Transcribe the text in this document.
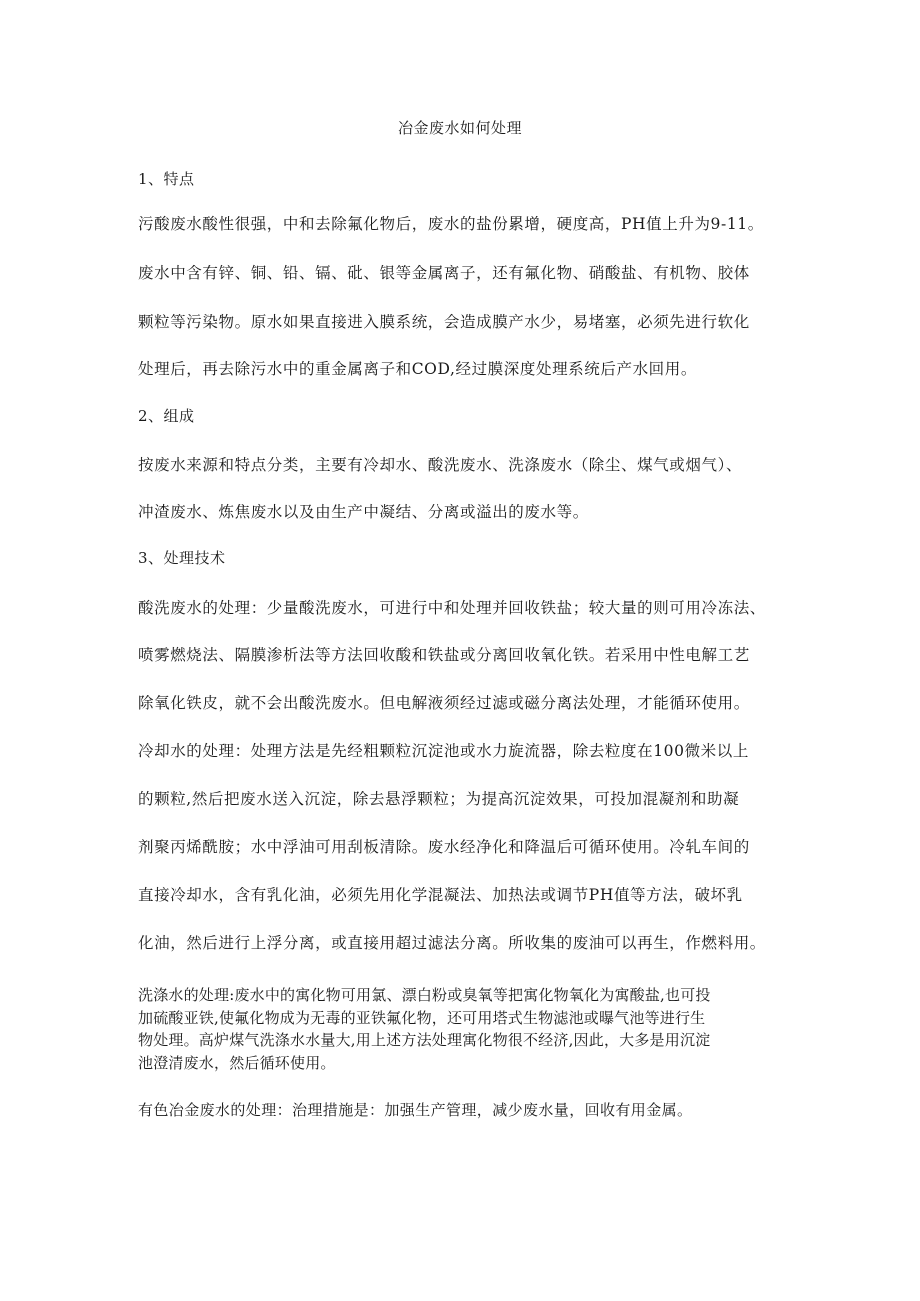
冶金废水如何处理
1、特点
污酸废水酸性很强，中和去除氟化物后，废水的盐份累增，硬度高，PH值上升为9-11。
废水中含有锌、铜、铅、镉、砒、银等金属离子，还有氟化物、硝酸盐、有机物、胶体
颗粒等污染物。原水如果直接进入膜系统，会造成膜产水少，易堵塞，必须先进行软化
处理后，再去除污水中的重金属离子和COD,经过膜深度处理系统后产水回用。
2、组成
按废水来源和特点分类，主要有冷却水、酸洗废水、洗涤废水（除尘、煤气或烟气）、
冲渣废水、炼焦废水以及由生产中凝结、分离或溢出的废水等。
3、处理技术
酸洗废水的处理：少量酸洗废水，可进行中和处理并回收铁盐；较大量的则可用冷冻法、
喷雾燃烧法、隔膜渗析法等方法回收酸和铁盐或分离回收氧化铁。若采用中性电解工艺
除氧化铁皮，就不会出酸洗废水。但电解液须经过滤或磁分离法处理，才能循环使用。
冷却水的处理：处理方法是先经粗颗粒沉淀池或水力旋流器，除去粒度在100微米以上
的颗粒,然后把废水送入沉淀，除去悬浮颗粒；为提高沉淀效果，可投加混凝剂和助凝
剂聚丙烯酰胺；水中浮油可用刮板清除。废水经净化和降温后可循环使用。冷轧车间的
直接冷却水，含有乳化油，必须先用化学混凝法、加热法或调节PH值等方法，破坏乳
化油，然后进行上浮分离，或直接用超过滤法分离。所收集的废油可以再生，作燃料用。
洗涤水的处理:废水中的寓化物可用氯、漂白粉或臭氧等把寓化物氧化为寓酸盐,也可投
加硫酸亚铁,使氟化物成为无毒的亚铁氟化物，还可用塔式生物滤池或曝气池等进行生
物处理。高炉煤气洗涤水水量大,用上述方法处理寓化物很不经济,因此，大多是用沉淀
池澄清废水，然后循环使用。
有色冶金废水的处理：治理措施是：加强生产管理，减少废水量，回收有用金属。
